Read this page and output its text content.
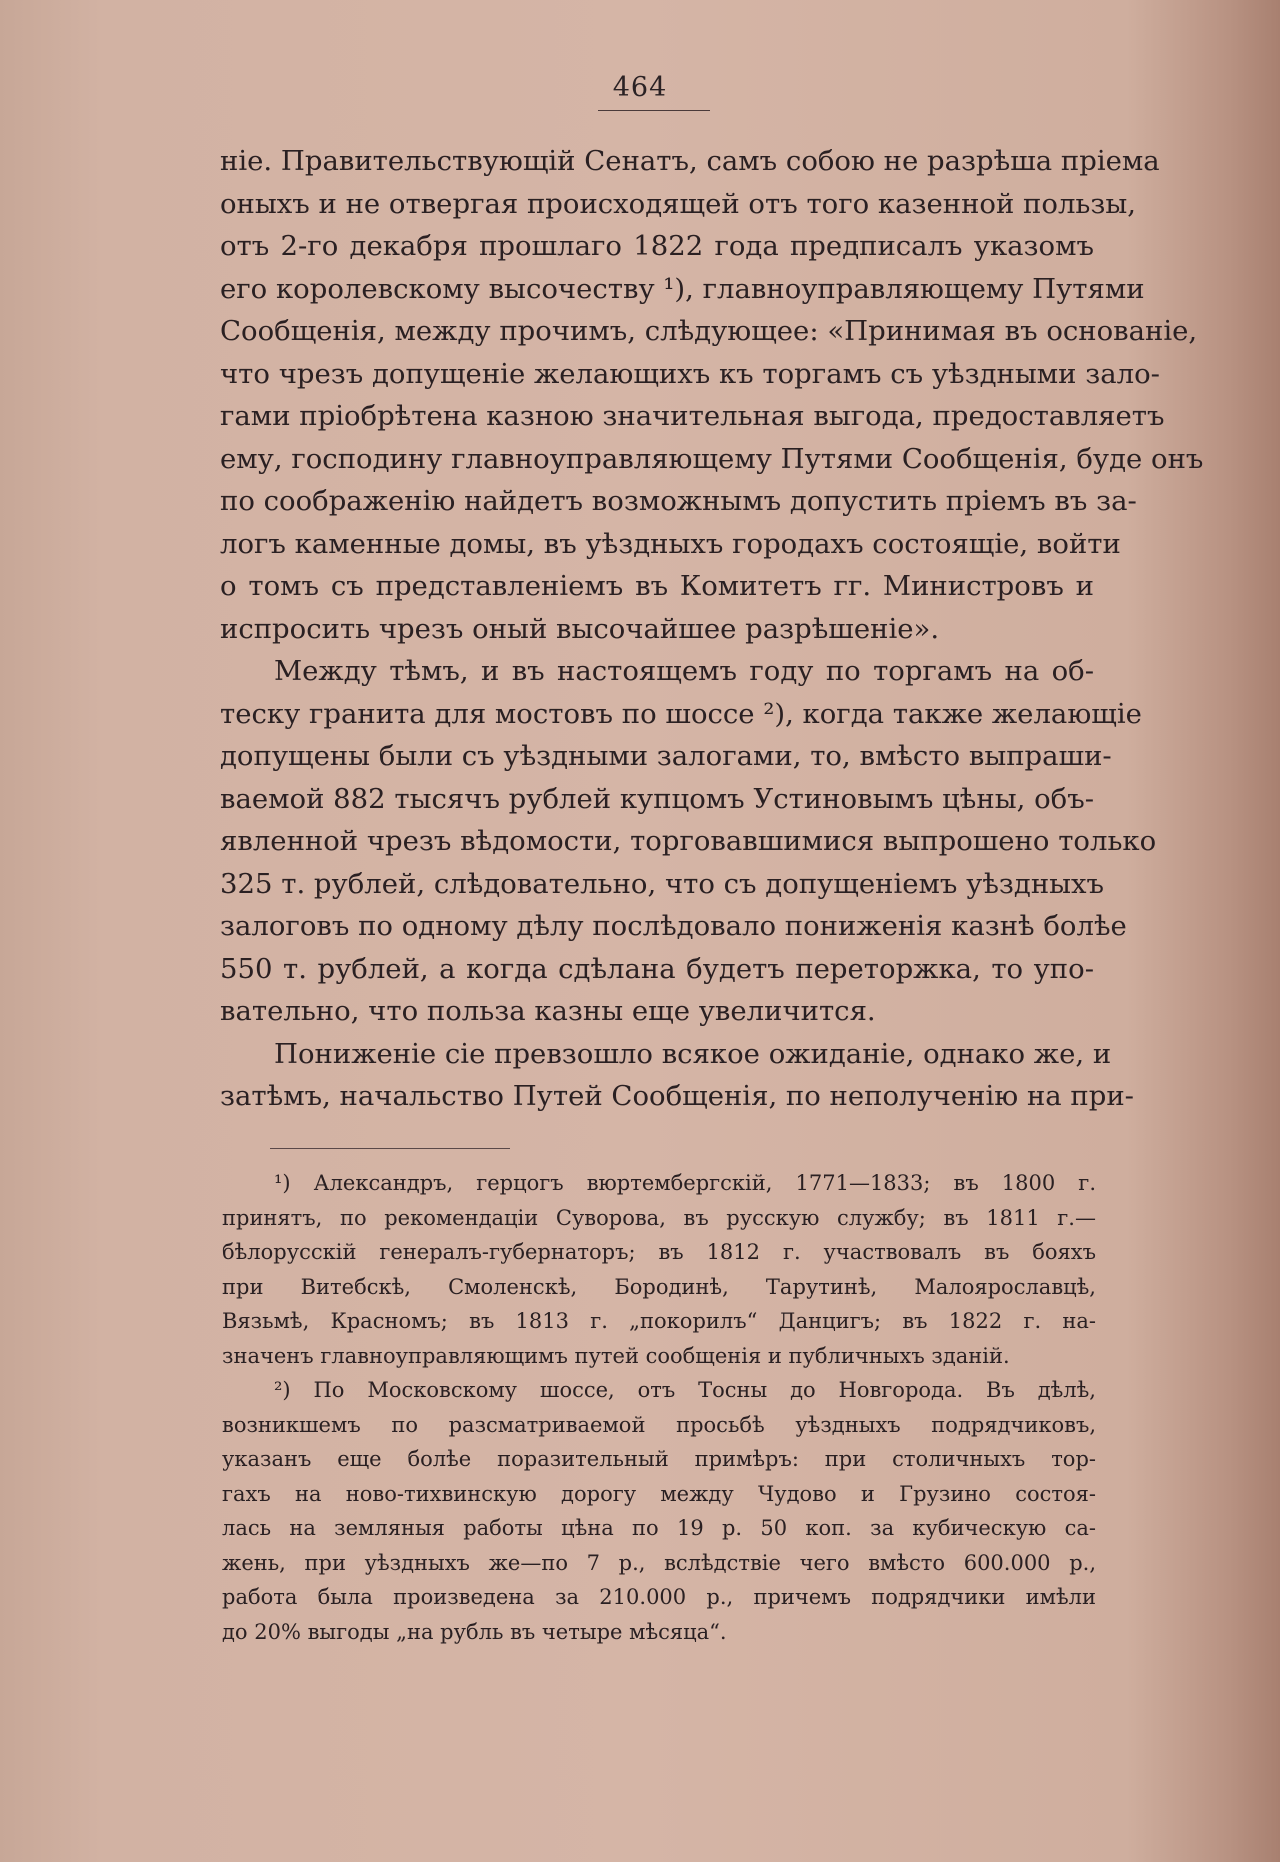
464
ніе. Правительствующій Сенатъ, самъ собою не разрѣша пріема
оныхъ и не отвергая происходящей отъ того казенной пользы,
отъ 2-го декабря прошлаго 1822 года предписалъ указомъ
его королевскому высочеству ¹), главноуправляющему Путями
Сообщенія, между прочимъ, слѣдующее: «Принимая въ основаніе,
что чрезъ допущеніе желающихъ къ торгамъ съ уѣздными зало-
гами пріобрѣтена казною значительная выгода, предоставляетъ
ему, господину главноуправляющему Путями Сообщенія, буде онъ
по соображенію найдетъ возможнымъ допустить пріемъ въ за-
логъ каменные домы, въ уѣздныхъ городахъ состоящіе, войти
о томъ съ представленіемъ въ Комитетъ гг. Министровъ и
испросить чрезъ оный высочайшее разрѣшеніе».
Между тѣмъ, и въ настоящемъ году по торгамъ на об-
теску гранита для мостовъ по шоссе ²), когда также желающіе
допущены были съ уѣздными залогами, то, вмѣсто выпраши-
ваемой 882 тысячъ рублей купцомъ Устиновымъ цѣны, объ-
явленной чрезъ вѣдомости, торговавшимися выпрошено только
325 т. рублей, слѣдовательно, что съ допущеніемъ уѣздныхъ
залоговъ по одному дѣлу послѣдовало пониженія казнѣ болѣе
550 т. рублей, а когда сдѣлана будетъ переторжка, то упо-
вательно, что польза казны еще увеличится.
Пониженіе сіе превзошло всякое ожиданіе, однако же, и
затѣмъ, начальство Путей Сообщенія, по неполученію на при-
¹) Александръ, герцогъ вюртембергскій, 1771—1833; въ 1800 г.
принятъ, по рекомендаціи Суворова, въ русскую службу; въ 1811 г.—
бѣлорусскій генералъ-губернаторъ; въ 1812 г. участвовалъ въ бояхъ
при Витебскѣ, Смоленскѣ, Бородинѣ, Тарутинѣ, Малоярославцѣ,
Вязьмѣ, Красномъ; въ 1813 г. „покорилъ“ Данцигъ; въ 1822 г. на-
значенъ главноуправляющимъ путей сообщенія и публичныхъ зданій.
²) По Московскому шоссе, отъ Тосны до Новгорода. Въ дѣлѣ,
возникшемъ по разсматриваемой просьбѣ уѣздныхъ подрядчиковъ,
указанъ еще болѣе поразительный примѣръ: при столичныхъ тор-
гахъ на ново-тихвинскую дорогу между Чудово и Грузино состоя-
лась на земляныя работы цѣна по 19 р. 50 коп. за кубическую са-
жень, при уѣздныхъ же—по 7 р., вслѣдствіе чего вмѣсто 600.000 р.,
работа была произведена за 210.000 р., причемъ подрядчики имѣли
до 20% выгоды „на рубль въ четыре мѣсяца“.
